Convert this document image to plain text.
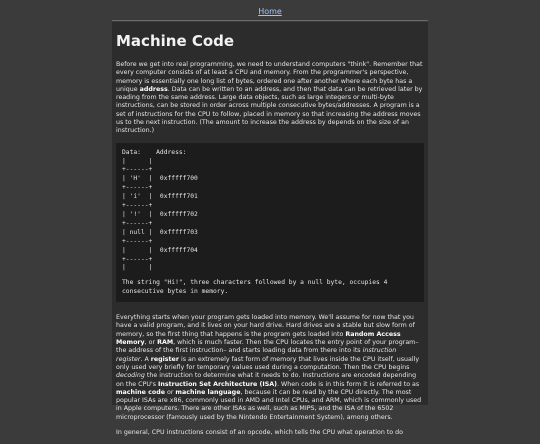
Home
Machine Code

Before we get into real programming, we need to understand computers "think". Remember that every computer consists of at least a CPU and memory. From the programmer's perspective, memory is essentially one long list of bytes, ordered one after another where each byte has a unique address. Data can be written to an address, and then that data can be retrieved later by reading from the same address. Large data objects, such as large integers or multi-byte instructions, can be stored in order across multiple consecutive bytes/addresses. A program is a set of instructions for the CPU to follow, placed in memory so that increasing the address moves us to the next instruction. (The amount to increase the address by depends on the size of an instruction.)

Data:    Address:
|      |
+------+
| 'H'  |  0xfffff700
+------+
| 'i'  |  0xfffff701
+------+
| '!'  |  0xfffff702
+------+
| null |  0xfffff703
+------+
|      |  0xfffff704
+------+
|      |
The string "Hi!", three characters followed by a null byte, occupies 4 consecutive bytes in memory.

Everything starts when your program gets loaded into memory. We'll assume for now that you have a valid program, and it lives on your hard drive. Hard drives are a stable but slow form of memory, so the first thing that happens is the program gets loaded into Random Access Memory, or RAM, which is much faster. Then the CPU locates the entry point of your program– the address of the first instruction– and starts loading data from there into its instruction register. A register is an extremely fast form of memory that lives inside the CPU itself, usually only used very briefly for temporary values used during a computation. Then the CPU begins decoding the instruction to determine what it needs to do. Instructions are encoded depending on the CPU's Instruction Set Architecture (ISA). When code is in this form it is referred to as machine code or machine language, because it can be read by the CPU directly. The most popular ISAs are x86, commonly used in AMD and Intel CPUs, and ARM, which is commonly used in Apple computers. There are other ISAs as well, such as MIPS, and the ISA of the 6502 microprocessor (famously used by the Nintendo Entertainment System), among others.

In general, CPU instructions consist of an opcode, which tells the CPU what operation to do
